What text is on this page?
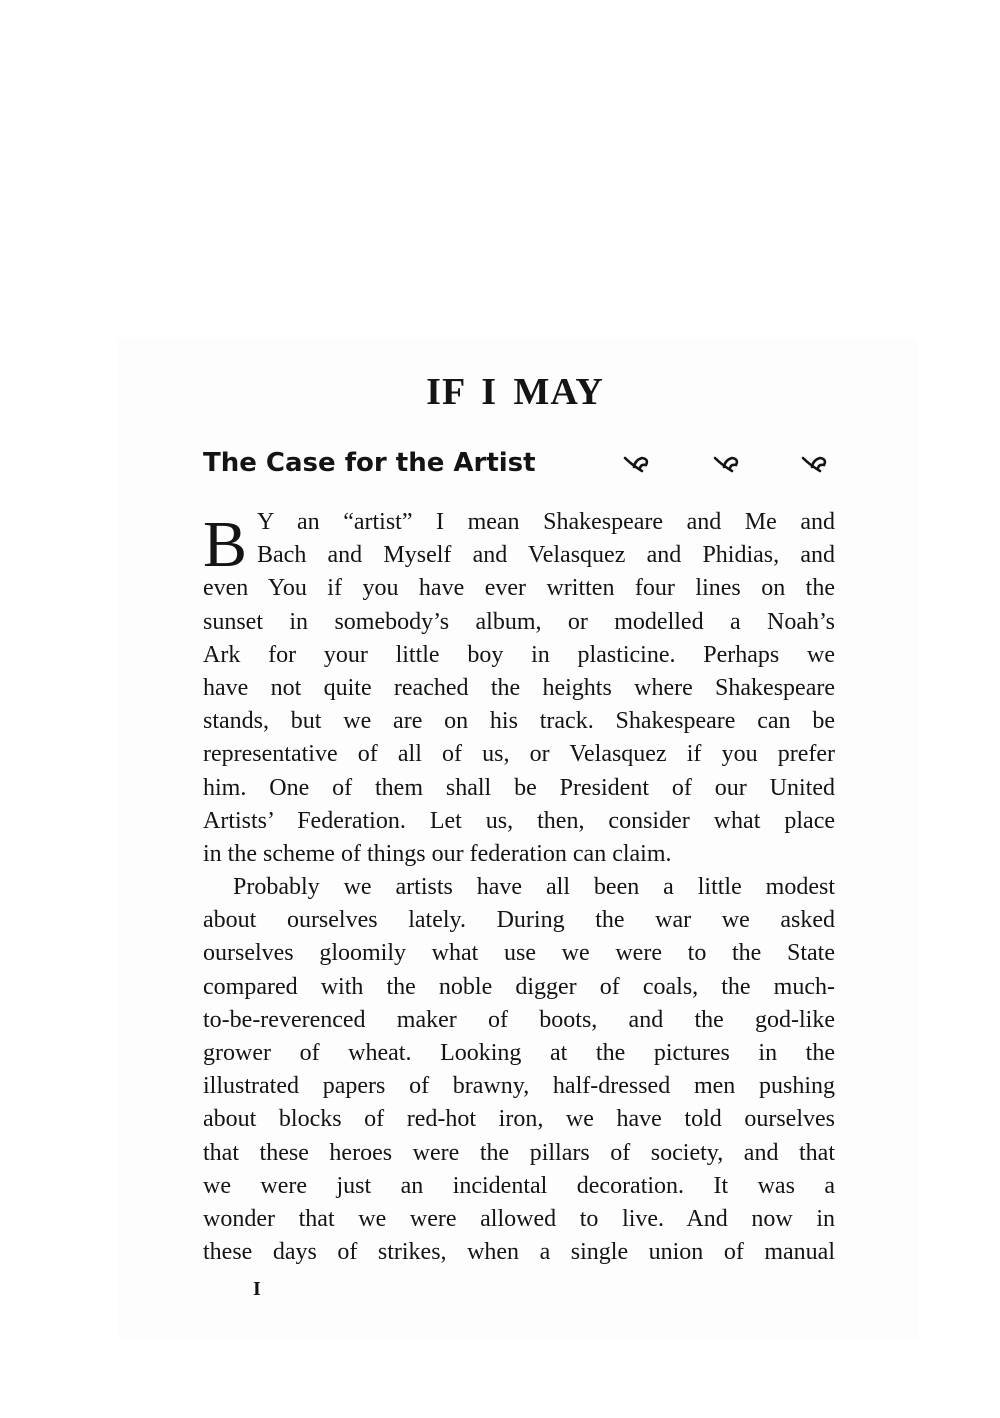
IF I MAY
The Case for the Artist
B Y an “artist” I mean Shakespeare and Me and
Bach and Myself and Velasquez and Phidias, and
even You if you have ever written four lines on the
sunset in somebody’s album, or modelled a Noah’s
Ark for your little boy in plasticine. Perhaps we
have not quite reached the heights where Shakespeare
stands, but we are on his track. Shakespeare can be
representative of all of us, or Velasquez if you prefer
him. One of them shall be President of our United
Artists’ Federation. Let us, then, consider what place
in the scheme of things our federation can claim.
Probably we artists have all been a little modest
about ourselves lately. During the war we asked
ourselves gloomily what use we were to the State
compared with the noble digger of coals, the much-
to-be-reverenced maker of boots, and the god-like
grower of wheat. Looking at the pictures in the
illustrated papers of brawny, half-dressed men pushing
about blocks of red-hot iron, we have told ourselves
that these heroes were the pillars of society, and that
we were just an incidental decoration. It was a
wonder that we were allowed to live. And now in
these days of strikes, when a single union of manual
I
